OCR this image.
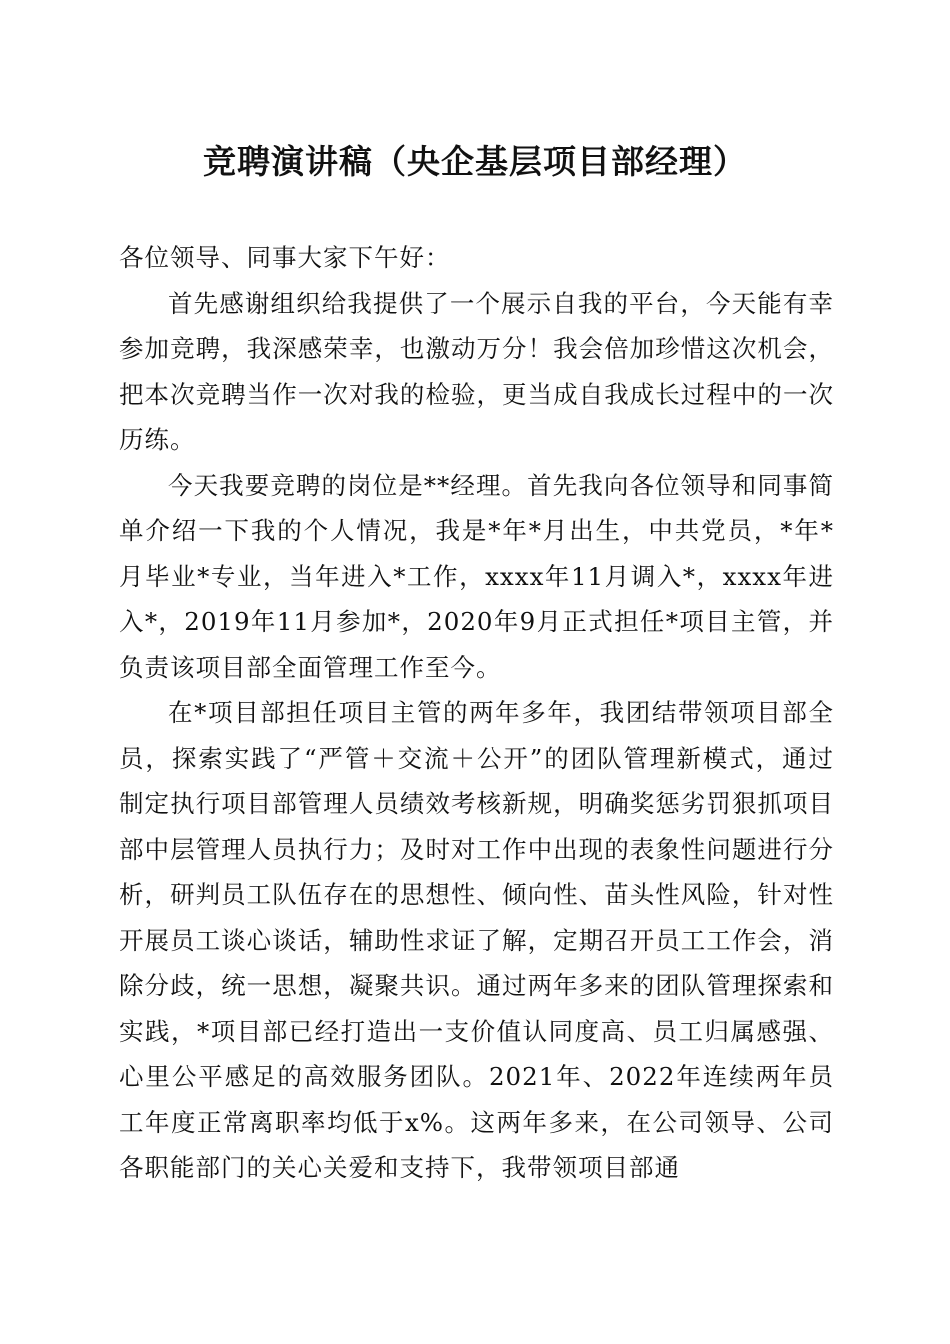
竞聘演讲稿（央企基层项目部经理）

各位领导、同事大家下午好：

首先感谢组织给我提供了一个展示自我的平台，今天能有幸参加竞聘，我深感荣幸，也激动万分！我会倍加珍惜这次机会，把本次竞聘当作一次对我的检验，更当成自我成长过程中的一次历练。

今天我要竞聘的岗位是**经理。首先我向各位领导和同事简单介绍一下我的个人情况，我是*年*月出生，中共党员，*年*月毕业*专业，当年进入*工作，xxxx年11月调入*，xxxx年进入*，2019年11月参加*，2020年9月正式担任*项目主管，并负责该项目部全面管理工作至今。

在*项目部担任项目主管的两年多年，我团结带领项目部全员，探索实践了“严管＋交流＋公开”的团队管理新模式，通过制定执行项目部管理人员绩效考核新规，明确奖惩劣罚狠抓项目部中层管理人员执行力；及时对工作中出现的表象性问题进行分析，研判员工队伍存在的思想性、倾向性、苗头性风险，针对性开展员工谈心谈话，辅助性求证了解，定期召开员工工作会，消除分歧，统一思想，凝聚共识。通过两年多来的团队管理探索和实践，*项目部已经打造出一支价值认同度高、员工归属感强、心里公平感足的高效服务团队。2021年、2022年连续两年员工年度正常离职率均低于x%。这两年多来，在公司领导、公司各职能部门的关心关爱和支持下，我带领项目部通
